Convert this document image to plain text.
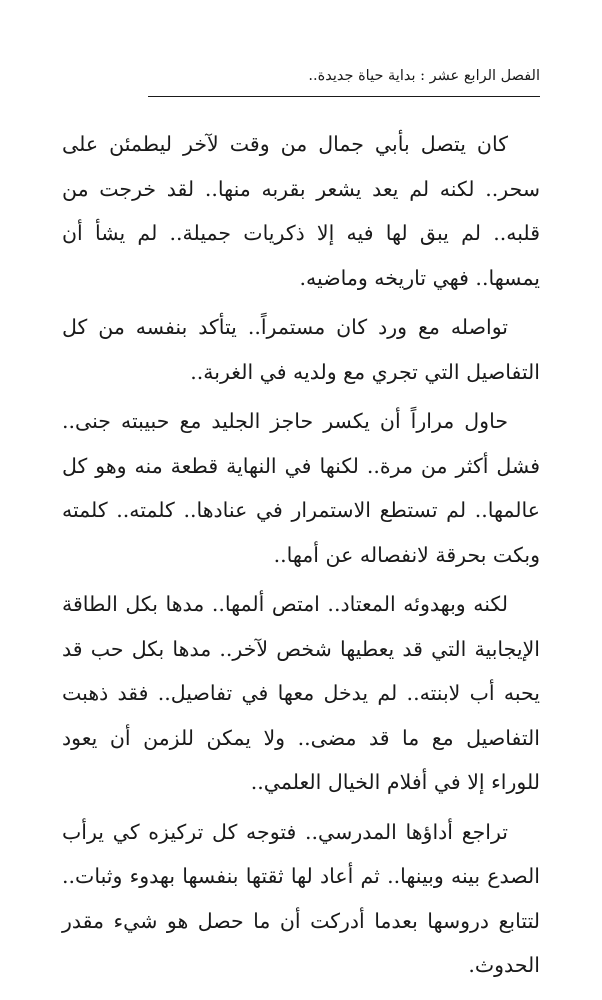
الفصل الرابع عشر : بداية حياة جديدة..

كان يتصل بأبي جمال من وقت لآخر ليطمئن على سحر.. لكنه لم يعد يشعر بقربه منها.. لقد خرجت من قلبه.. لم يبق لها فيه إلا ذكريات جميلة.. لم يشأ أن يمسها.. فهي تاريخه وماضيه.

تواصله مع ورد كان مستمراً.. يتأكد بنفسه من كل التفاصيل التي تجري مع ولديه في الغربة..

حاول مراراً أن يكسر حاجز الجليد مع حبيبته جنى.. فشل أكثر من مرة.. لكنها في النهاية قطعة منه وهو كل عالمها.. لم تستطع الاستمرار في عنادها.. كلمته.. كلمته وبكت بحرقة لانفصاله عن أمها..

لكنه وبهدوئه المعتاد.. امتص ألمها.. مدها بكل الطاقة الإيجابية التي قد يعطيها شخص لآخر.. مدها بكل حب قد يحبه أب لابنته.. لم يدخل معها في تفاصيل.. فقد ذهبت التفاصيل مع ما قد مضى.. ولا يمكن للزمن أن يعود للوراء إلا في أفلام الخيال العلمي..

تراجع أداؤها المدرسي.. فتوجه كل تركيزه كي يرأب الصدع بينه وبينها.. ثم أعاد لها ثقتها بنفسها بهدوء وثبات.. لتتابع دروسها بعدما أدركت أن ما حصل هو شيء مقدر الحدوث.
